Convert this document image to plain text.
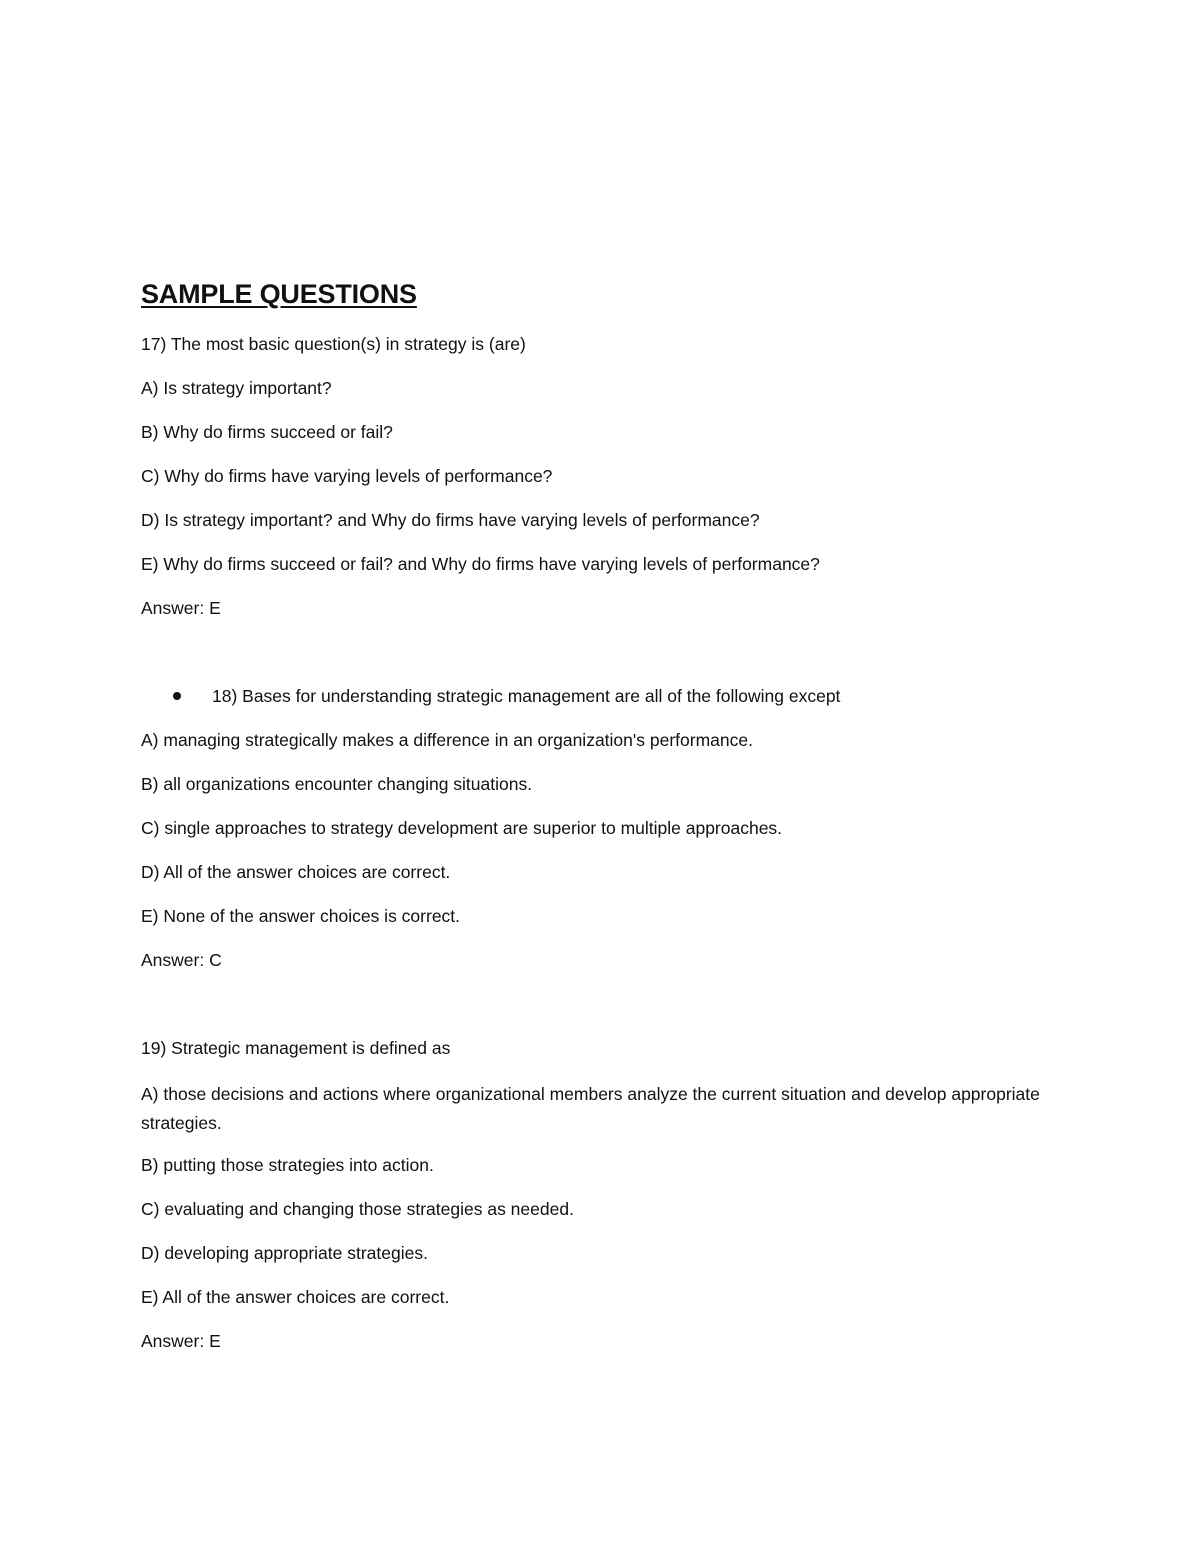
SAMPLE QUESTIONS
17) The most basic question(s) in strategy is (are)
A) Is strategy important?
B) Why do firms succeed or fail?
C) Why do firms have varying levels of performance?
D) Is strategy important? and Why do firms have varying levels of performance?
E) Why do firms succeed or fail? and Why do firms have varying levels of performance?
Answer: E
18) Bases for understanding strategic management are all of the following except
A) managing strategically makes a difference in an organization's performance.
B) all organizations encounter changing situations.
C) single approaches to strategy development are superior to multiple approaches.
D) All of the answer choices are correct.
E) None of the answer choices is correct.
Answer: C
19) Strategic management is defined as
A) those decisions and actions where organizational members analyze the current situation and develop appropriate strategies.
B) putting those strategies into action.
C) evaluating and changing those strategies as needed.
D) developing appropriate strategies.
E) All of the answer choices are correct.
Answer: E
